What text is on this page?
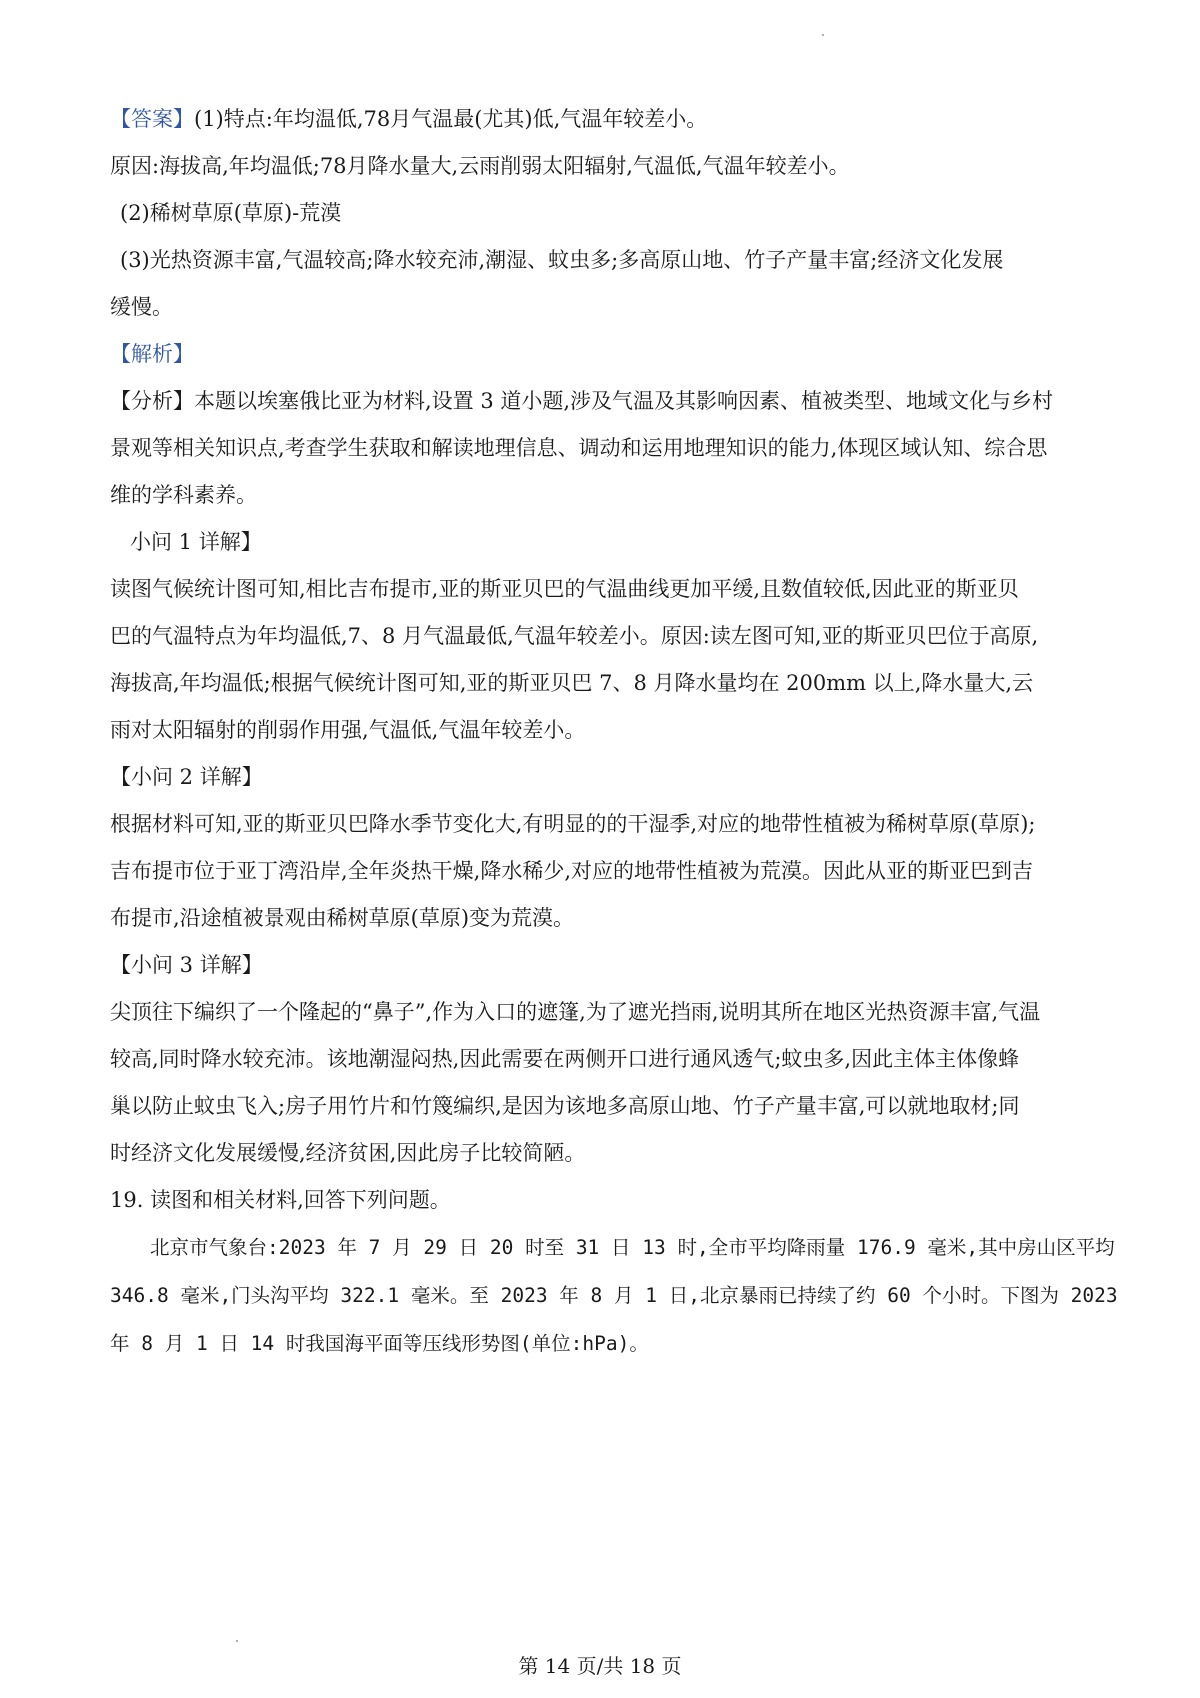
【答案】(1)特点:年均温低,78月气温最(尤其)低,气温年较差小。

原因:海拔高,年均温低;78月降水量大,云雨削弱太阳辐射,气温低,气温年较差小。

(2)稀树草原(草原)-荒漠

(3)光热资源丰富,气温较高;降水较充沛,潮湿、蚊虫多;多高原山地、竹子产量丰富;经济文化发展

缓慢。

【解析】

【分析】本题以埃塞俄比亚为材料,设置 3 道小题,涉及气温及其影响因素、植被类型、地域文化与乡村

景观等相关知识点,考查学生获取和解读地理信息、调动和运用地理知识的能力,体现区域认知、综合思

维的学科素养。

小问 1 详解】

读图气候统计图可知,相比吉布提市,亚的斯亚贝巴的气温曲线更加平缓,且数值较低,因此亚的斯亚贝

巴的气温特点为年均温低,7、8 月气温最低,气温年较差小。原因:读左图可知,亚的斯亚贝巴位于高原,

海拔高,年均温低;根据气候统计图可知,亚的斯亚贝巴 7、8 月降水量均在 200mm 以上,降水量大,云

雨对太阳辐射的削弱作用强,气温低,气温年较差小。

【小问 2 详解】

根据材料可知,亚的斯亚贝巴降水季节变化大,有明显的的干湿季,对应的地带性植被为稀树草原(草原);

吉布提市位于亚丁湾沿岸,全年炎热干燥,降水稀少,对应的地带性植被为荒漠。因此从亚的斯亚巴到吉

布提市,沿途植被景观由稀树草原(草原)变为荒漠。

【小问 3 详解】

尖顶往下编织了一个隆起的“鼻子”,作为入口的遮篷,为了遮光挡雨,说明其所在地区光热资源丰富,气温

较高,同时降水较充沛。该地潮湿闷热,因此需要在两侧开口进行通风透气;蚊虫多,因此主体主体像蜂

巢以防止蚊虫飞入;房子用竹片和竹篾编织,是因为该地多高原山地、竹子产量丰富,可以就地取材;同

时经济文化发展缓慢,经济贫困,因此房子比较简陋。

19. 读图和相关材料,回答下列问题。

北京市气象台:2023 年 7 月 29 日 20 时至 31 日 13 时,全市平均降雨量 176.9 毫米,其中房山区平均

346.8 毫米,门头沟平均 322.1 毫米。至 2023 年 8 月 1 日,北京暴雨已持续了约 60 个小时。下图为 2023

年 8 月 1 日 14 时我国海平面等压线形势图(单位:hPa)。

第 14 页/共 18 页
